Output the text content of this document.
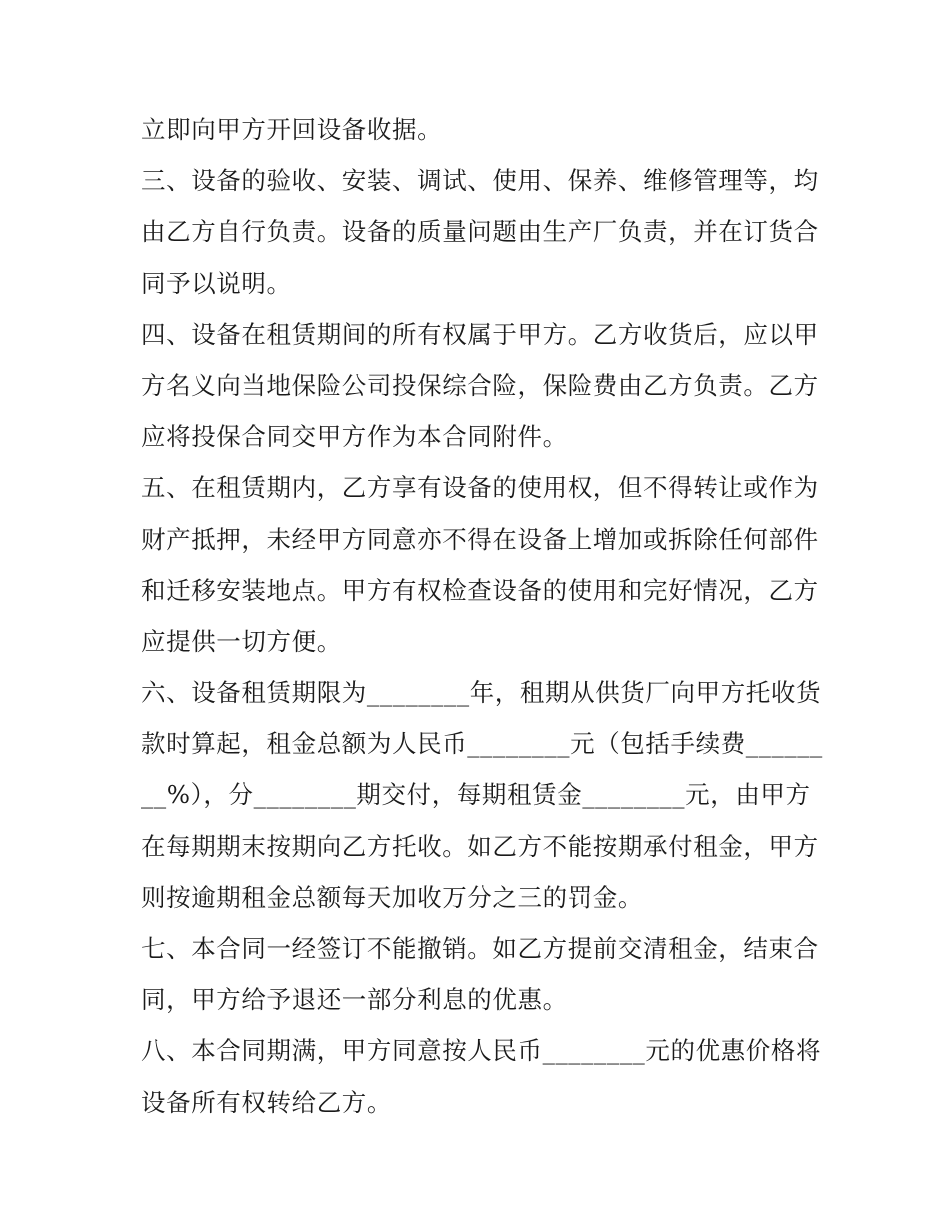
立即向甲方开回设备收据。
三、设备的验收、安装、调试、使用、保养、维修管理等，均
由乙方自行负责。设备的质量问题由生产厂负责，并在订货合
同予以说明。
四、设备在租赁期间的所有权属于甲方。乙方收货后，应以甲
方名义向当地保险公司投保综合险，保险费由乙方负责。乙方
应将投保合同交甲方作为本合同附件。
五、在租赁期内，乙方享有设备的使用权，但不得转让或作为
财产抵押，未经甲方同意亦不得在设备上增加或拆除任何部件
和迁移安装地点。甲方有权检查设备的使用和完好情况，乙方
应提供一切方便。
六、设备租赁期限为________年，租期从供货厂向甲方托收货
款时算起，租金总额为人民币________元（包括手续费______
__%），分________期交付，每期租赁金________元，由甲方
在每期期末按期向乙方托收。如乙方不能按期承付租金，甲方
则按逾期租金总额每天加收万分之三的罚金。
七、本合同一经签订不能撤销。如乙方提前交清租金，结束合
同，甲方给予退还一部分利息的优惠。
八、本合同期满，甲方同意按人民币________元的优惠价格将
设备所有权转给乙方。
